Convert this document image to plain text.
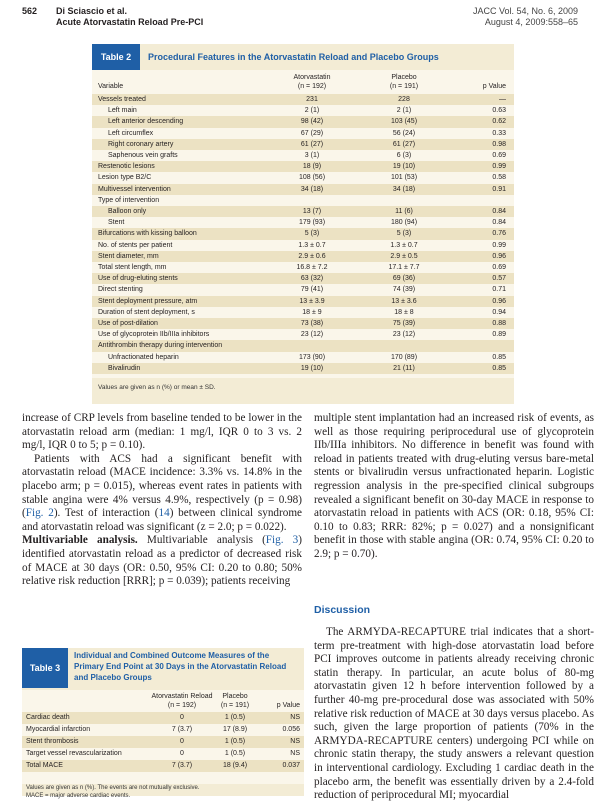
562 Di Sciascio et al.
Acute Atorvastatin Reload Pre-PCI
JACC Vol. 54, No. 6, 2009
August 4, 2009:558–65
Table 2	Procedural Features in the Atorvastatin Reload and Placebo Groups
Variable
Atorvastatin
(n = 192)
Placebo
(n = 191)	p Value
Vessels treated	231	228	—
Left main	2 (1)	2 (1)	0.63
Left anterior descending	98 (42)	103 (45)	0.62
Left circumflex	67 (29)	56 (24)	0.33
Right coronary artery	61 (27)	61 (27)	0.98
Saphenous vein grafts	3 (1)	6 (3)	0.69
Restenotic lesions	18 (9)	19 (10)	0.99
Lesion type B2/C	108 (56)	101 (53)	0.58
Multivessel intervention	34 (18)	34 (18)	0.91
Type of intervention
Balloon only	13 (7)	11 (6)	0.84
Stent	179 (93)	180 (94)	0.84
Bifurcations with kissing balloon	5 (3)	5 (3)	0.76
No. of stents per patient	1.3 ± 0.7	1.3 ± 0.7	0.99
Stent diameter, mm	2.9 ± 0.6	2.9 ± 0.5	0.96
Total stent length, mm	16.8 ± 7.2	17.1 ± 7.7	0.69
Use of drug-eluting stents	63 (32)	69 (36)	0.57
Direct stenting	79 (41)	74 (39)	0.71
Stent deployment pressure, atm	13 ± 3.9	13 ± 3.6	0.96
Duration of stent deployment, s	18 ± 9	18 ± 8	0.94
Use of post-dilation	73 (38)	75 (39)	0.88
Use of glycoprotein IIb/IIIa inhibitors	23 (12)	23 (12)	0.89
Antithrombin therapy during intervention
Unfractionated heparin	173 (90)	170 (89)	0.85
Bivalirudin	19 (10)	21 (11)	0.85
Values are given as n (%) or mean ± SD.

increase of CRP levels from baseline tended to be lower in the atorvastatin reload arm (median: 1 mg/l, IQR 0 to 3 vs. 2 mg/l, IQR 0 to 5; p = 0.10).

Patients with ACS had a significant benefit with atorvastatin reload (MACE incidence: 3.3% vs. 14.8% in the placebo arm; p = 0.015), whereas event rates in patients with stable angina were 4% versus 4.9%, respectively (p = 0.98) (Fig. 2). Test of interaction (14) between clinical syndrome and atorvastatin reload was significant (z = 2.0; p = 0.022).

Multivariable analysis. Multivariable analysis (Fig. 3) identified atorvastatin reload as a predictor of decreased risk of MACE at 30 days (OR: 0.50, 95% CI: 0.20 to 0.80; 50% relative risk reduction [RRR]; p = 0.039); patients receiving

multiple stent implantation had an increased risk of events, as well as those requiring periprocedural use of glycoprotein IIb/IIIa inhibitors. No difference in benefit was found with reload in patients treated with drug-eluting versus bare-metal stents or bivalirudin versus unfractionated heparin. Logistic regression analysis in the pre-specified clinical subgroups revealed a significant benefit on 30-day MACE in response to atorvastatin reload in patients with ACS (OR: 0.18, 95% CI: 0.10 to 0.83; RRR: 82%; p = 0.027) and a nonsignificant benefit in those with stable angina (OR: 0.74, 95% CI: 0.20 to 2.9; p = 0.70).

Discussion

The ARMYDA-RECAPTURE trial indicates that a short-term pre-treatment with high-dose atorvastatin load before PCI improves outcome in patients already receiving chronic statin therapy. In particular, an acute bolus of 80-mg atorvastatin given 12 h before intervention followed by a further 40-mg pre-procedural dose was associated with 50% relative risk reduction of MACE at 30 days versus placebo. As such, given the large proportion of patients (70% in the ARMYDA-RECAPTURE centers) undergoing PCI while on chronic statin therapy, the study answers a relevant question in interventional cardiology. Excluding 1 cardiac death in the placebo arm, the benefit was essentially driven by a 2.4-fold reduction of periprocedural MI; myocardial

Table 3
Individual and Combined Outcome Measures of the Primary End Point at 30 Days in the Atorvastatin Reload and Placebo Groups
Atorvastatin Reload
(n = 192)
Placebo
(n = 191)	p Value
Cardiac death	0	1 (0.5)	NS
Myocardial infarction	7 (3.7)	17 (8.9)	0.056
Stent thrombosis	0	1 (0.5)	NS
Target vessel revascularization	0	1 (0.5)	NS
Total MACE	7 (3.7)	18 (9.4)	0.037
Values are given as n (%). The events are not mutually exclusive.
MACE = major adverse cardiac events.
